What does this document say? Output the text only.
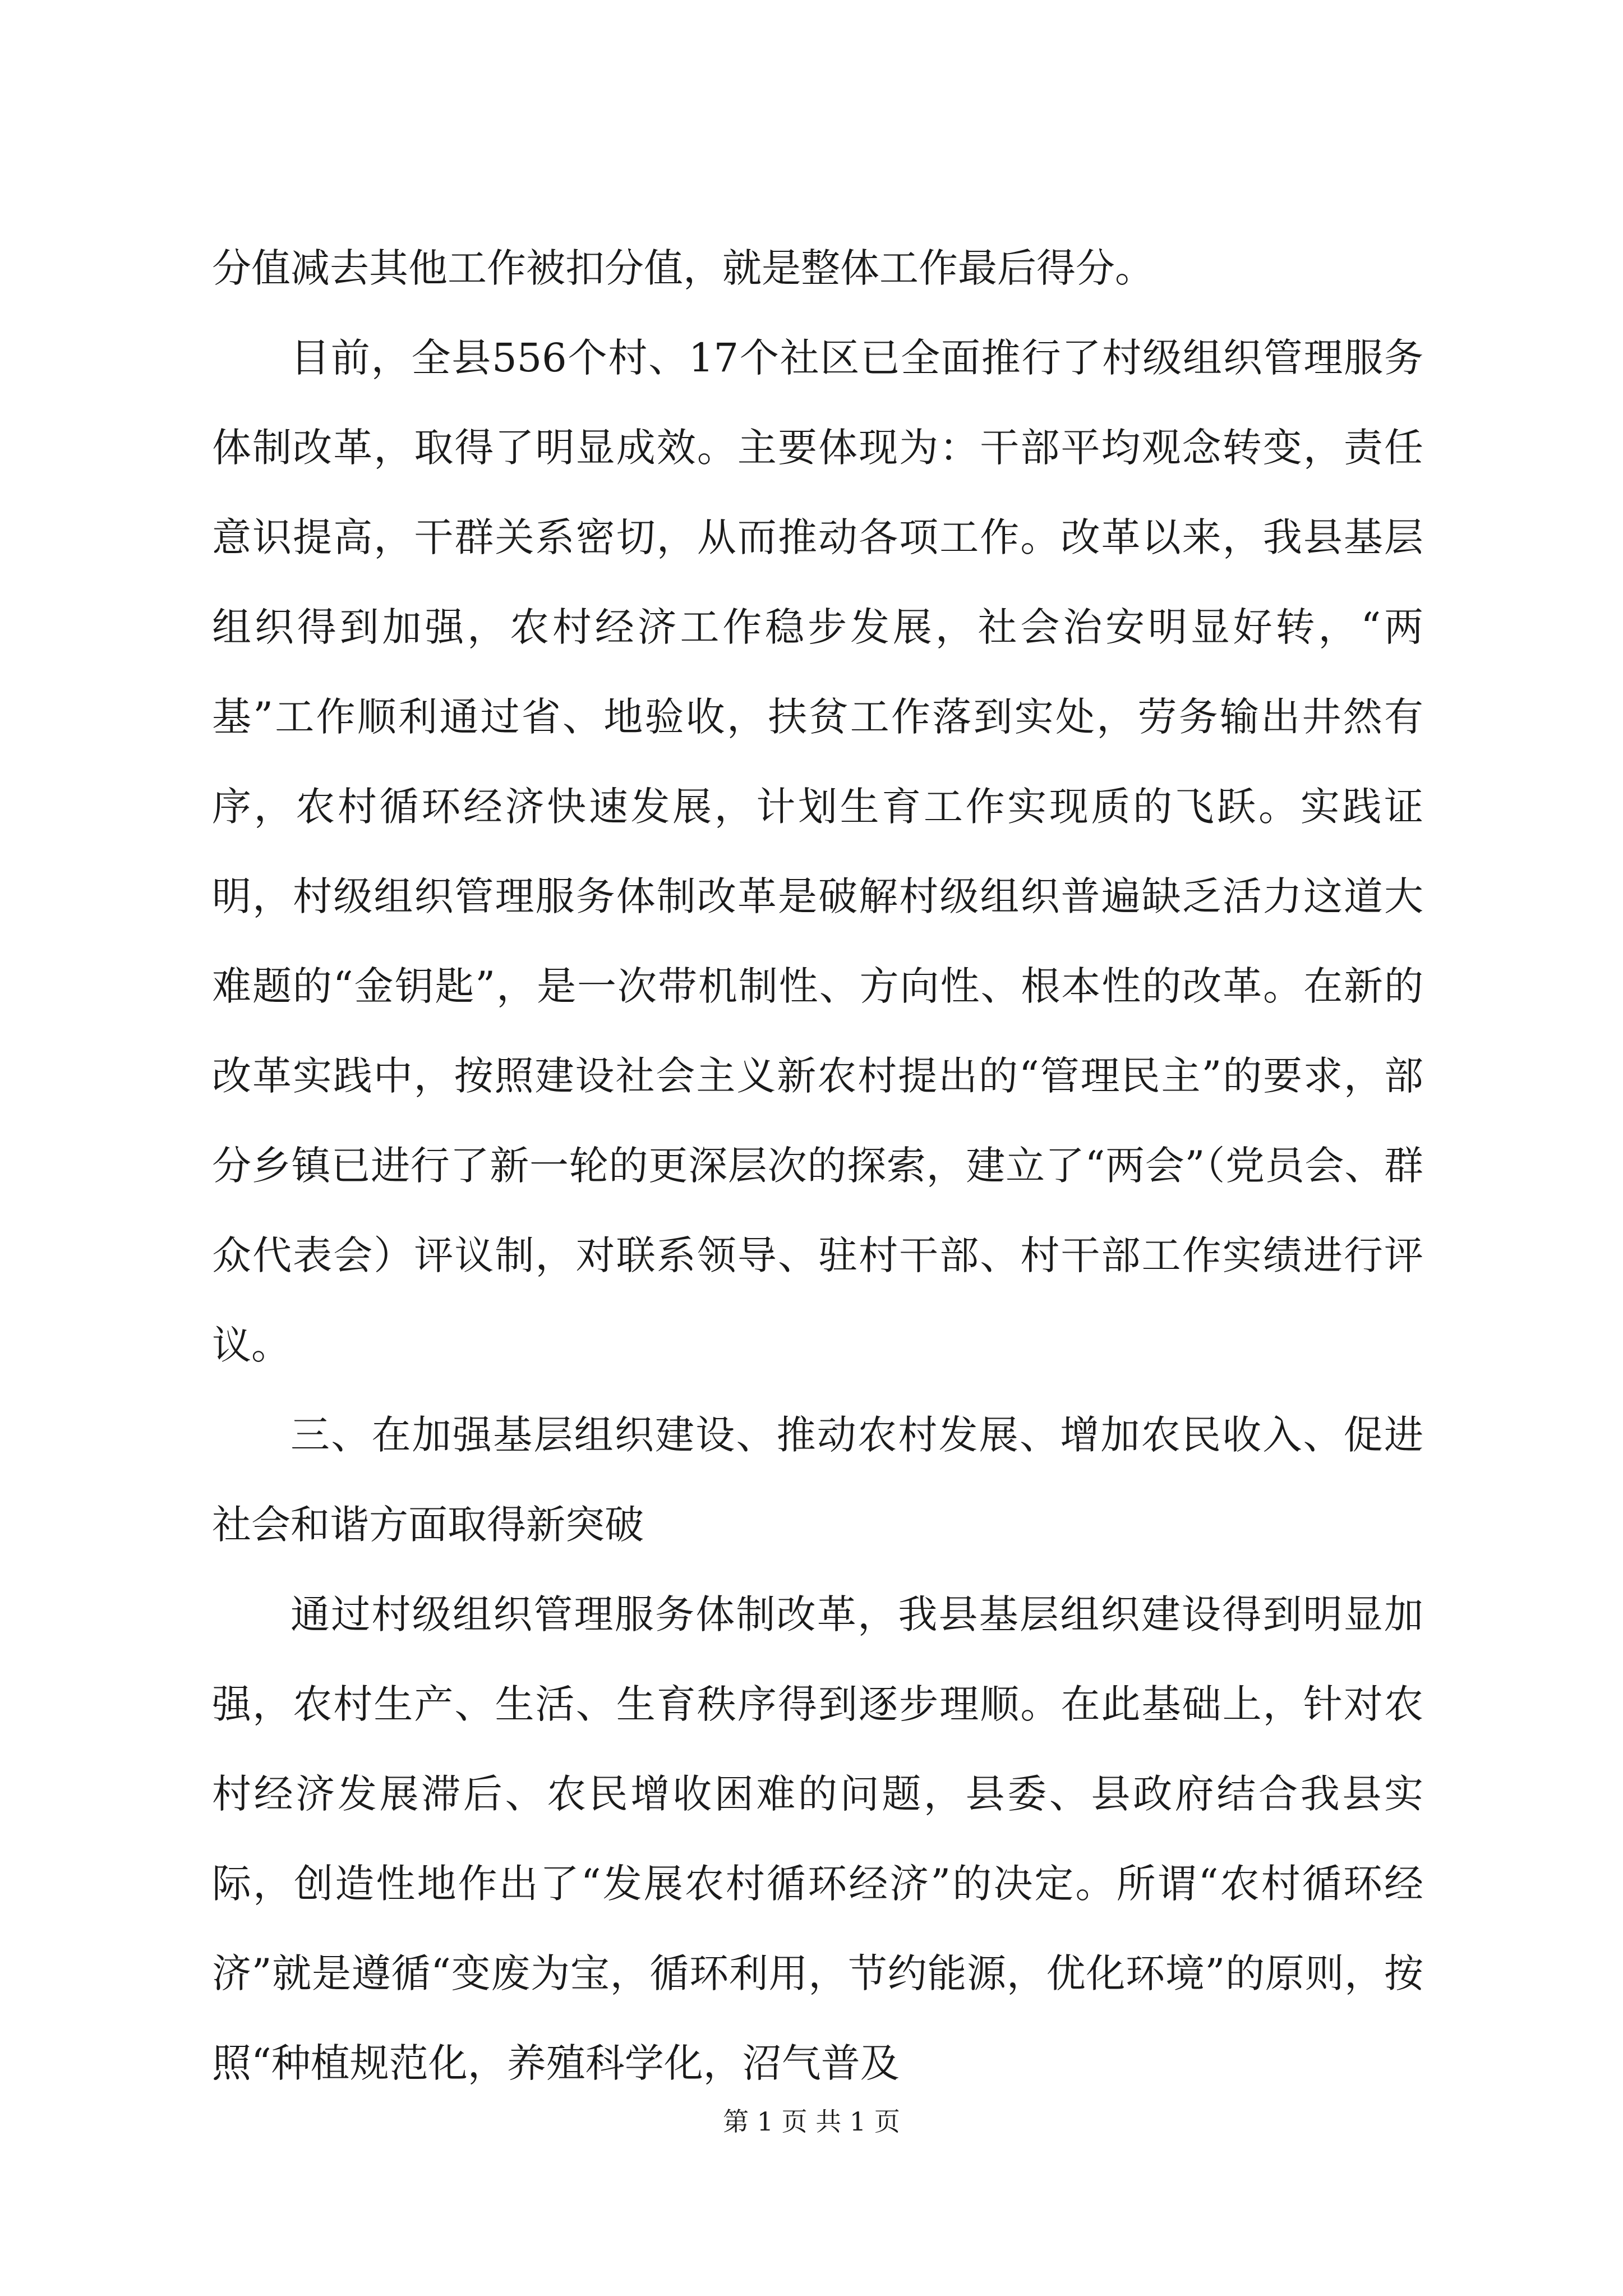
分值减去其他工作被扣分值，就是整体工作最后得分。

目前，全县556个村、17个社区已全面推行了村级组织管理服务体制改革，取得了明显成效。主要体现为：干部平均观念转变，责任意识提高，干群关系密切，从而推动各项工作。改革以来，我县基层组织得到加强，农村经济工作稳步发展，社会治安明显好转，“两基”工作顺利通过省、地验收，扶贫工作落到实处，劳务输出井然有序，农村循环经济快速发展，计划生育工作实现质的飞跃。实践证明，村级组织管理服务体制改革是破解村级组织普遍缺乏活力这道大难题的“金钥匙”，是一次带机制性、方向性、根本性的改革。在新的改革实践中，按照建设社会主义新农村提出的“管理民主”的要求，部分乡镇已进行了新一轮的更深层次的探索，建立了“两会”（党员会、群众代表会）评议制，对联系领导、驻村干部、村干部工作实绩进行评议。

三、在加强基层组织建设、推动农村发展、增加农民收入、促进社会和谐方面取得新突破

通过村级组织管理服务体制改革，我县基层组织建设得到明显加强，农村生产、生活、生育秩序得到逐步理顺。在此基础上，针对农村经济发展滞后、农民增收困难的问题，县委、县政府结合我县实际，创造性地作出了“发展农村循环经济”的决定。所谓“农村循环经济”就是遵循“变废为宝，循环利用，节约能源，优化环境”的原则，按照“种植规范化，养殖科学化，沼气普及

第 1 页 共 1 页
